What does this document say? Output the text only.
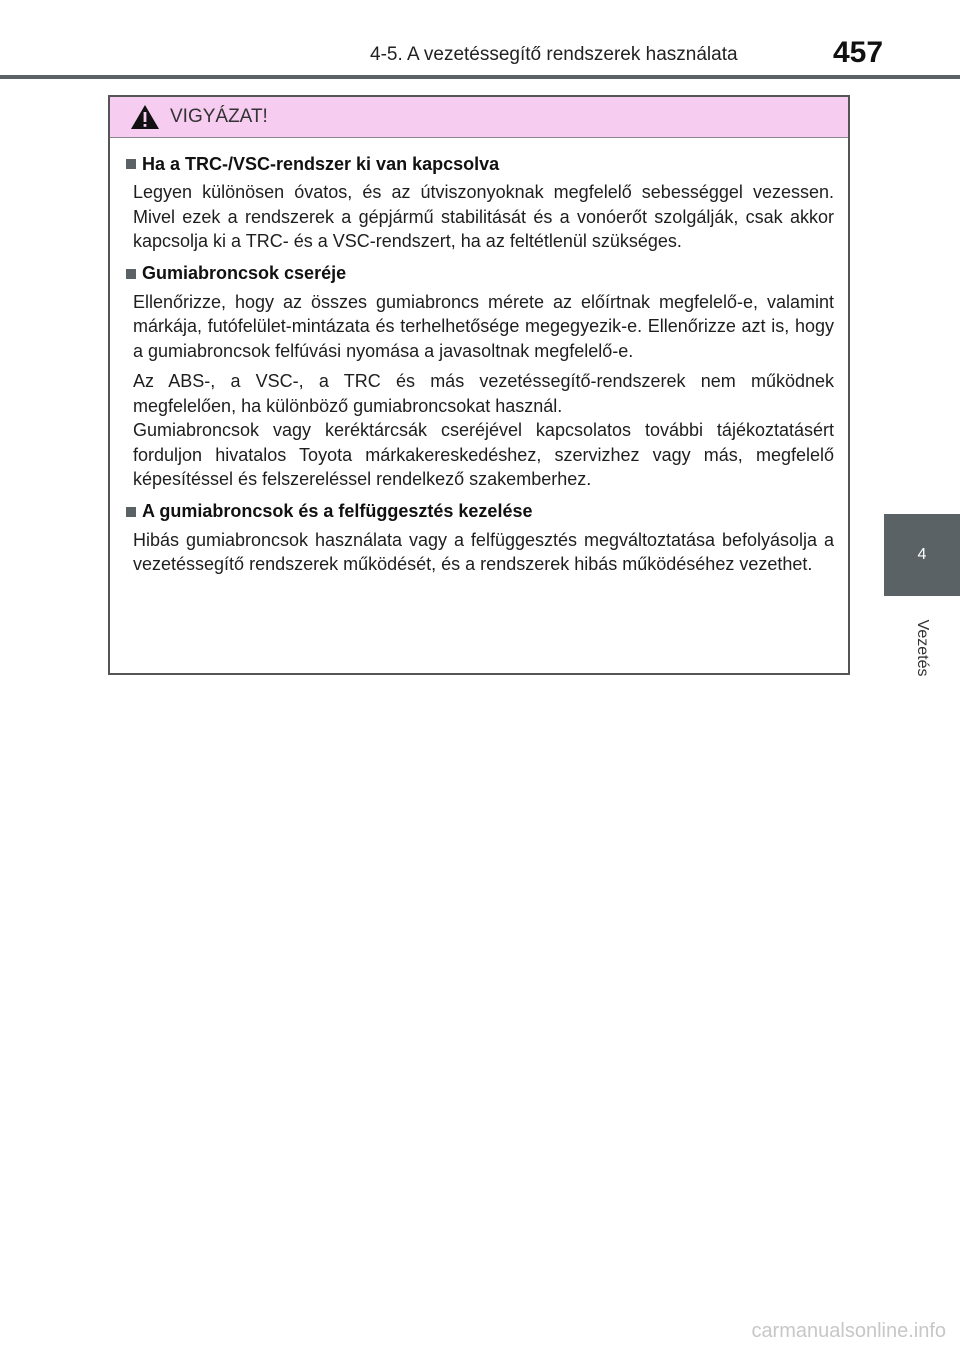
4-5. A vezetéssegítő rendszerek használata	457
4
Vezetés
VIGYÁZAT!
Ha a TRC-/VSC-rendszer ki van kapcsolva

Legyen különösen óvatos, és az útviszonyoknak megfelelő sebességgel vezessen. Mivel ezek a rendszerek a gépjármű stabilitását és a vonóerőt szolgálják, csak akkor kapcsolja ki a TRC- és a VSC-rendszert, ha az feltétlenül szükséges.

Gumiabroncsok cseréje

Ellenőrizze, hogy az összes gumiabroncs mérete az előírtnak megfelelő-e, valamint márkája, futófelület-mintázata és terhelhetősége megegyezik-e. Ellenőrizze azt is, hogy a gumiabroncsok felfúvási nyomása a javasoltnak megfelelő-e.

Az ABS-, a VSC-, a TRC és más vezetéssegítő-rendszerek nem működnek megfelelően, ha különböző gumiabroncsokat használ.

Gumiabroncsok vagy keréktárcsák cseréjével kapcsolatos további tájékoztatásért forduljon hivatalos Toyota márkakereskedéshez, szervizhez vagy más, megfelelő képesítéssel és felszereléssel rendelkező szakemberhez.

A gumiabroncsok és a felfüggesztés kezelése

Hibás gumiabroncsok használata vagy a felfüggesztés megváltoztatása befolyásolja a vezetéssegítő rendszerek működését, és a rendszerek hibás működéséhez vezethet.

carmanualsonline.info
